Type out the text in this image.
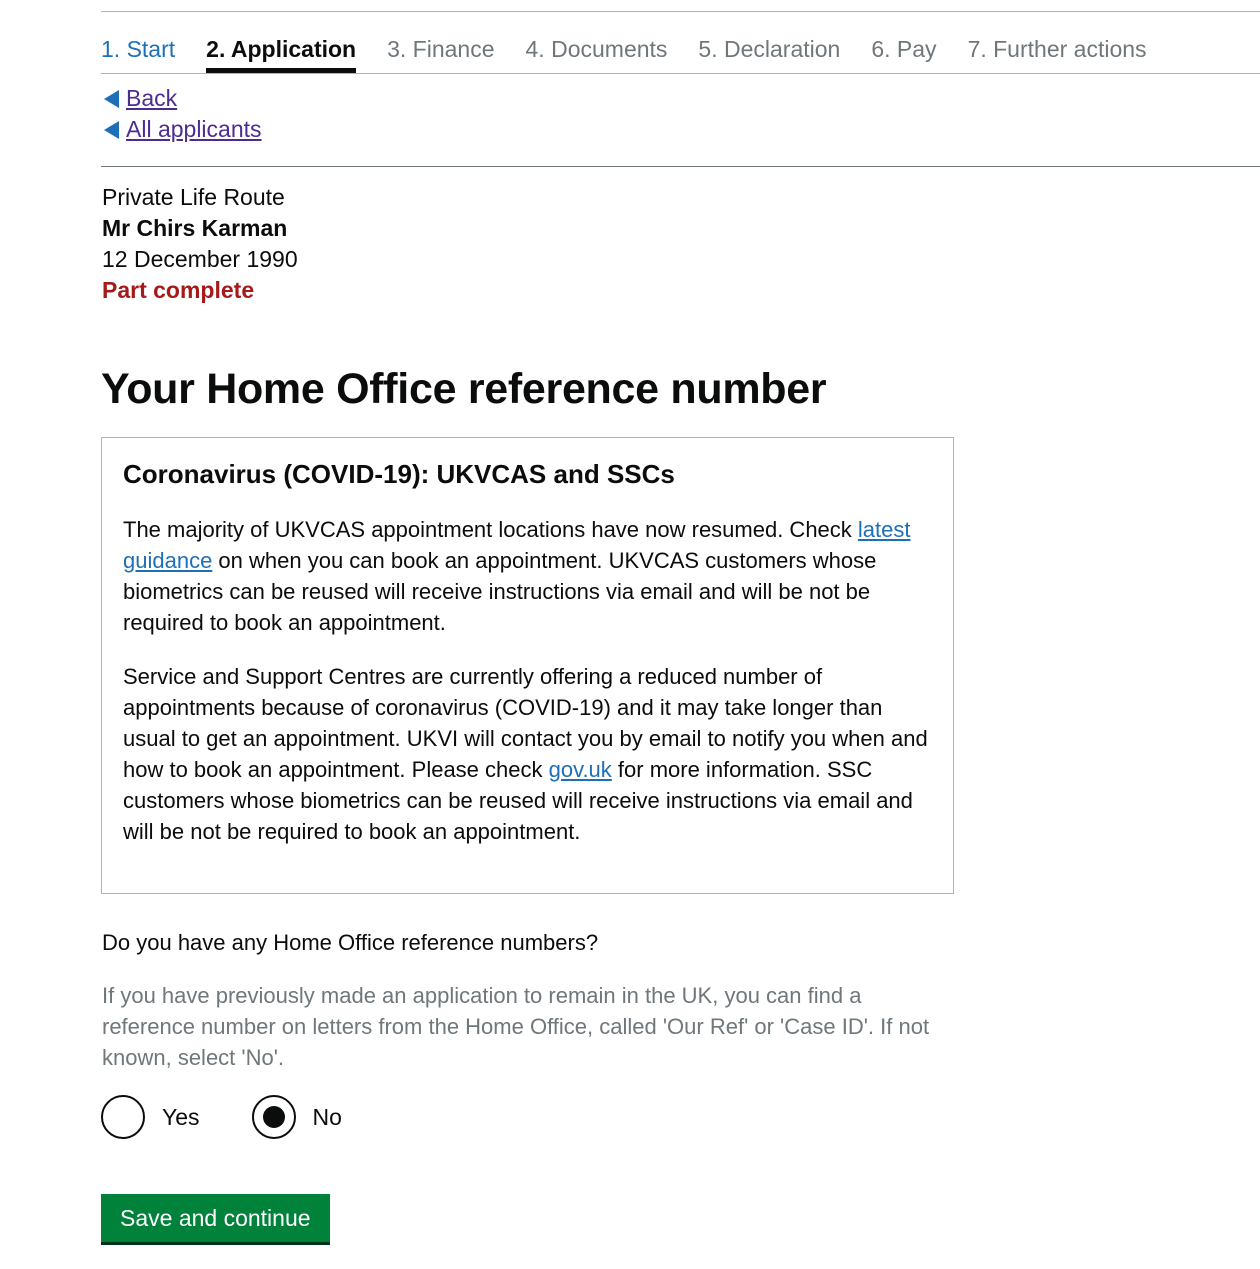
1. Start 2. Application 3. Finance 4. Documents 5. Declaration 6. Pay 7. Further actions
Back
All applicants
Private Life Route
Mr Chirs Karman
12 December 1990
Part complete
Your Home Office reference number
Coronavirus (COVID-19): UKVCAS and SSCs

The majority of UKVCAS appointment locations have now resumed. Check latest guidance on when you can book an appointment. UKVCAS customers whose biometrics can be reused will receive instructions via email and will be not be required to book an appointment.

Service and Support Centres are currently offering a reduced number of appointments because of coronavirus (COVID-19) and it may take longer than usual to get an appointment. UKVI will contact you by email to notify you when and how to book an appointment. Please check gov.uk for more information. SSC customers whose biometrics can be reused will receive instructions via email and will be not be required to book an appointment.

Do you have any Home Office reference numbers?
If you have previously made an application to remain in the UK, you can find a reference number on letters from the Home Office, called 'Our Ref' or 'Case ID'. If not known, select 'No'.
Yes	No
Save and continue
